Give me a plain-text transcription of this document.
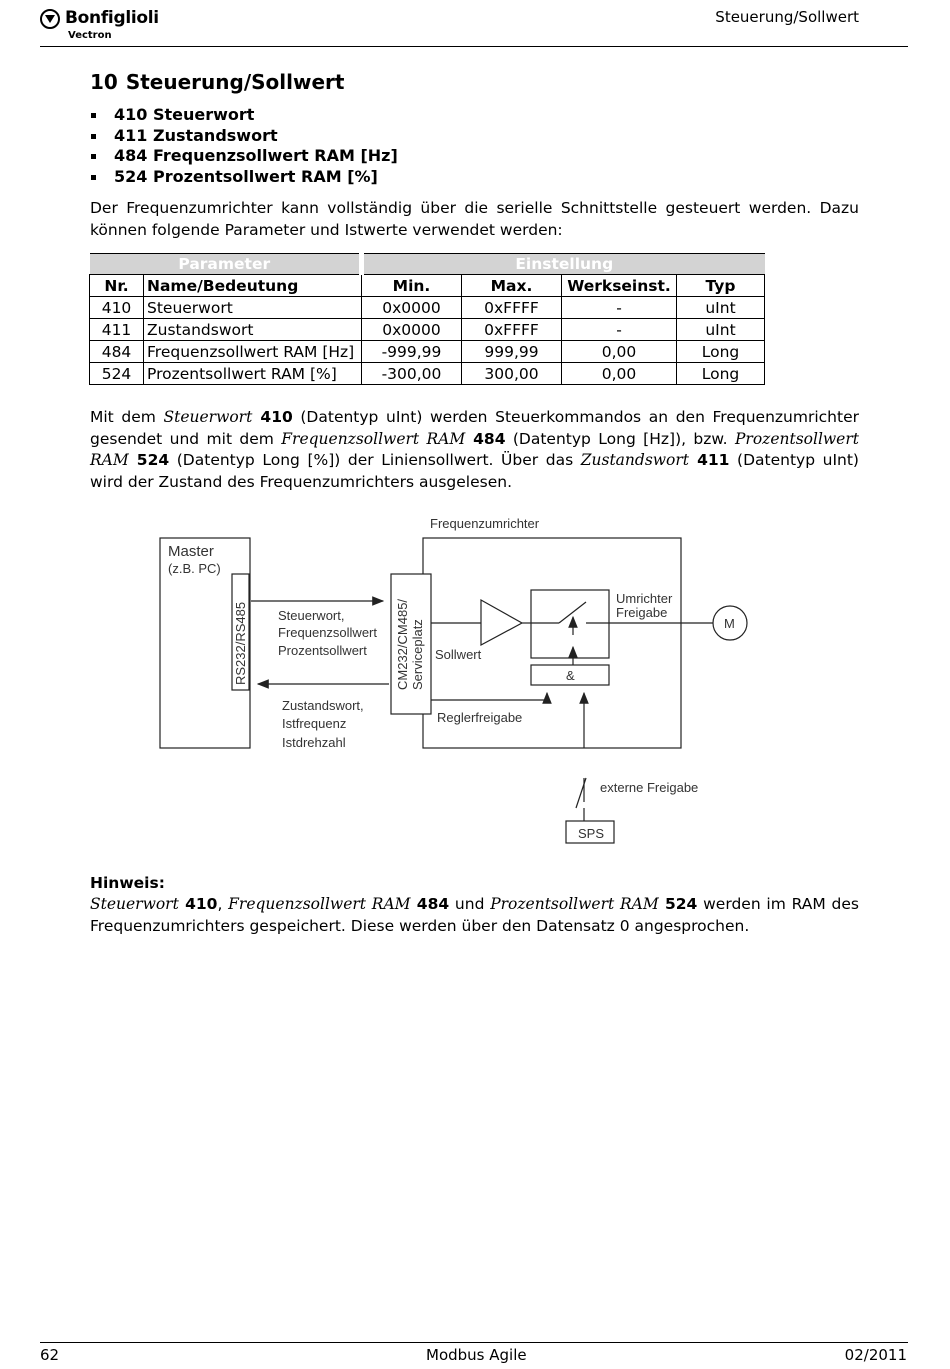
Bonfiglioli
Vectron
Steuerung/Sollwert
10 Steuerung/Sollwert
410 Steuerwort
411 Zustandswort
484 Frequenzsollwert RAM [Hz]
524 Prozentsollwert RAM [%]
Der Frequenzumrichter kann vollständig über die serielle Schnittstelle gesteuert werden. Dazu können folgende Parameter und Istwerte verwendet werden:
Parameter		Einstellung			
Nr.	Name/Bedeutung	Min.	Max.	Werkseinst.	Typ
410	Steuerwort	0x0000	0xFFFF	-	uInt
411	Zustandswort	0x0000	0xFFFF	-	uInt
484	Frequenzsollwert RAM [Hz]	-999,99	999,99	0,00	Long
524	Prozentsollwert RAM [%]	-300,00	300,00	0,00	Long
Mit dem Steuerwort 410 (Datentyp uInt) werden Steuerkommandos an den Frequenzumrichter gesendet und mit dem Frequenzsollwert RAM 484 (Datentyp Long [Hz]), bzw. Prozentsollwert RAM 524 (Datentyp Long [%]) der Liniensollwert. Über das Zustandswort 411 (Datentyp uInt) wird der Zustand des Frequenzumrichters ausgelesen.
Frequenzumrichter
Master
(z.B. PC)
RS232/RS485	CM232/CM485/ Serviceplatz
Steuerwort,
Frequenzsollwert
Prozentsollwert
Zustandswort,
Istfrequenz
Istdrehzahl
Sollwert
Reglerfreigabe
Umrichter
Freigabe
M
&
externe Freigabe
SPS
Hinweis:
Steuerwort 410, Frequenzsollwert RAM 484 und Prozentsollwert RAM 524 werden im RAM des Frequenzumrichters gespeichert. Diese werden über den Datensatz 0 angesprochen.
62	Modbus Agile	02/2011
